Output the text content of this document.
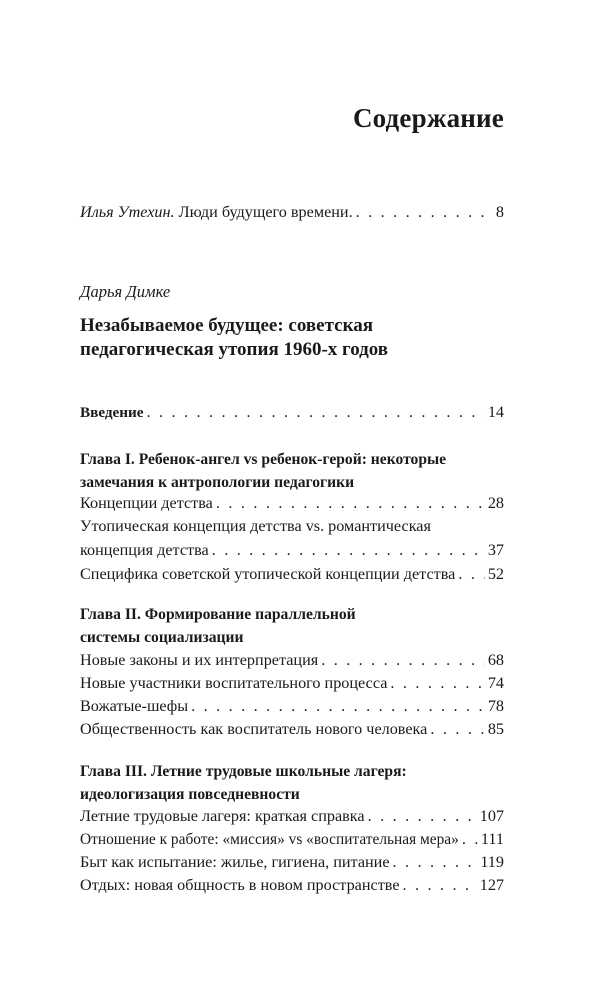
Содержание
Илья Утехин. Люди будущего времени. . . .	8
Дарья Димке
Незабываемое будущее: советская
педагогическая утопия 1960-х годов
Введение . . .	14
Глава I. Ребенок-ангел vs ребенок-герой: некоторые
замечания к антропологии педагогики
Концепции детства . . .	28
Утопическая концепция детства vs. романтическая
концепция детства . . .	37
Специфика советской утопической концепции детства . . . 52
Глава II. Формирование параллельной
системы социализации
Новые законы и их интерпретация . . .	68
Новые участники воспитательного процесса . . .	74
Вожатые-шефы . . .	78
Общественность как воспитатель нового человека . . .	85
Глава III. Летние трудовые школьные лагеря:
идеологизация повседневности
Летние трудовые лагеря: краткая справка . . .	107
Отношение к работе: «миссия» vs «воспитательная мера» . . . 111
Быт как испытание: жилье, гигиена, питание . . .	119
Отдых: новая общность в новом пространстве . . .	127
